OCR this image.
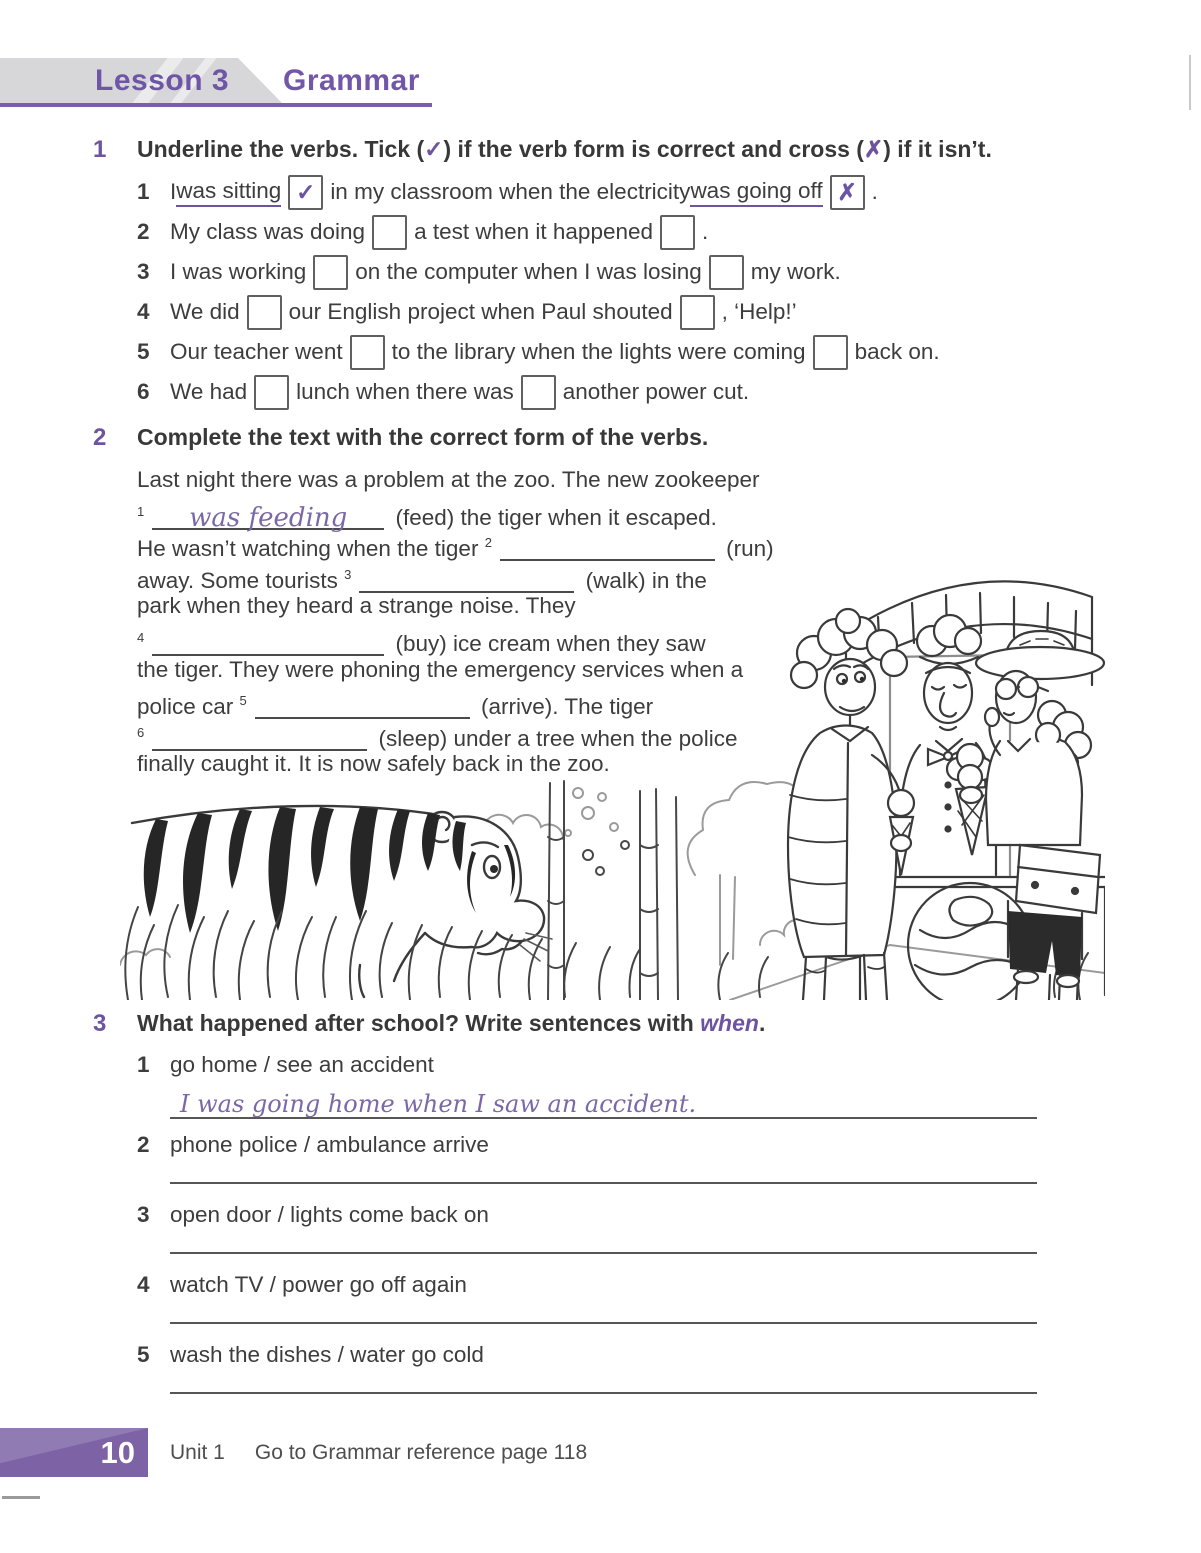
Lesson 3 Grammar
1 Underline the verbs. Tick (✓) if the verb form is correct and cross (✗) if it isn’t.
1 I was sitting ✓ in my classroom when the electricity was going off ✗ .
2 My class was doing a test when it happened .
3 I was working on the computer when I was losing my work.
4 We did our English project when Paul shouted , ‘Help!’
5 Our teacher went to the library when the lights were coming back on.
6 We had lunch when there was another power cut.
2 Complete the text with the correct form of the verbs.
Last night there was a problem at the zoo. The new zookeeper
$^1$	was feeding	(feed) the tiger when it escaped.
He wasn’t watching when the tiger $^2$	(run)
away. Some tourists $^3$	(walk) in the
park when they heard a strange noise. They
$^4$	(buy) ice cream when they saw
the tiger. They were phoning the emergency services when a
police car $^5$	(arrive). The tiger
$^6$	(sleep) under a tree when the police
finally caught it. It is now safely back in the zoo.
3 What happened after school? Write sentences with when.
1 go home / see an accident
I was going home when I saw an accident.
2 phone police / ambulance arrive
3 open door / lights come back on
4 watch TV / power go off again
5 wash the dishes / water go cold
10 Unit 1 Go to Grammar reference page 118
